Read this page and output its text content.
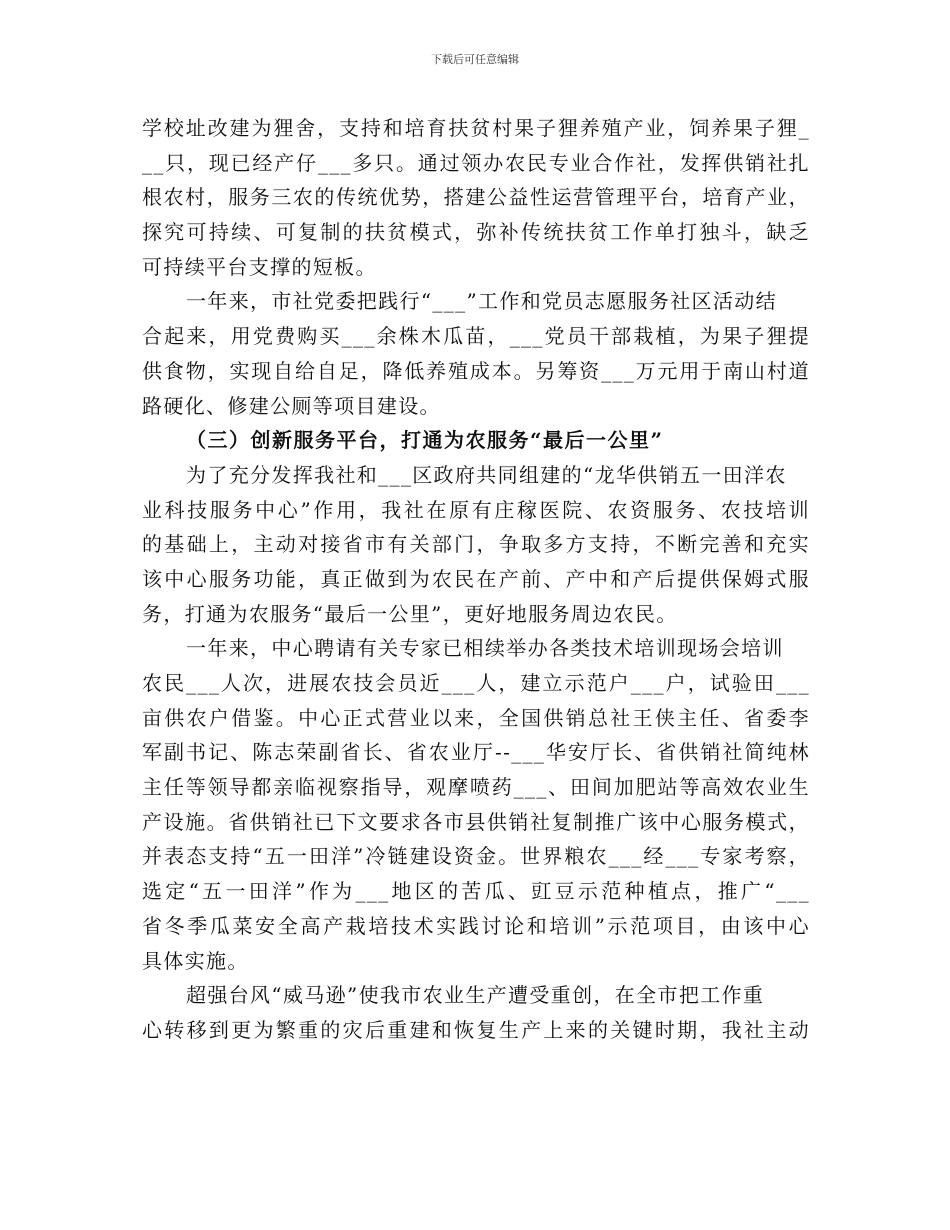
下载后可任意编辑
学校址改建为狸舍，支持和培育扶贫村果子狸养殖产业，饲养果子狸_
__只，现已经产仔___多只。通过领办农民专业合作社，发挥供销社扎
根农村，服务三农的传统优势，搭建公益性运营管理平台，培育产业，
探究可持续、可复制的扶贫模式，弥补传统扶贫工作单打独斗，缺乏
可持续平台支撑的短板。
一年来，市社党委把践行“___”工作和党员志愿服务社区活动结
合起来，用党费购买___余株木瓜苗，___党员干部栽植，为果子狸提
供食物，实现自给自足，降低养殖成本。另筹资___万元用于南山村道
路硬化、修建公厕等项目建设。
（三）创新服务平台，打通为农服务“最后一公里”
为了充分发挥我社和___区政府共同组建的“龙华供销五一田洋农
业科技服务中心”作用，我社在原有庄稼医院、农资服务、农技培训
的基础上，主动对接省市有关部门，争取多方支持，不断完善和充实
该中心服务功能，真正做到为农民在产前、产中和产后提供保姆式服
务，打通为农服务“最后一公里”，更好地服务周边农民。
一年来，中心聘请有关专家已相续举办各类技术培训现场会培训
农民___人次，进展农技会员近___人，建立示范户___户，试验田___
亩供农户借鉴。中心正式营业以来，全国供销总社王侠主任、省委李
军副书记、陈志荣副省长、省农业厅--___华安厅长、省供销社简纯林
主任等领导都亲临视察指导，观摩喷药___、田间加肥站等高效农业生
产设施。省供销社已下文要求各市县供销社复制推广该中心服务模式，
并表态支持“五一田洋”冷链建设资金。世界粮农___经___专家考察，
选定“五一田洋”作为___地区的苦瓜、豇豆示范种植点，推广“___
省冬季瓜菜安全高产栽培技术实践讨论和培训”示范项目，由该中心
具体实施。
超强台风“威马逊”使我市农业生产遭受重创，在全市把工作重
心转移到更为繁重的灾后重建和恢复生产上来的关键时期，我社主动
